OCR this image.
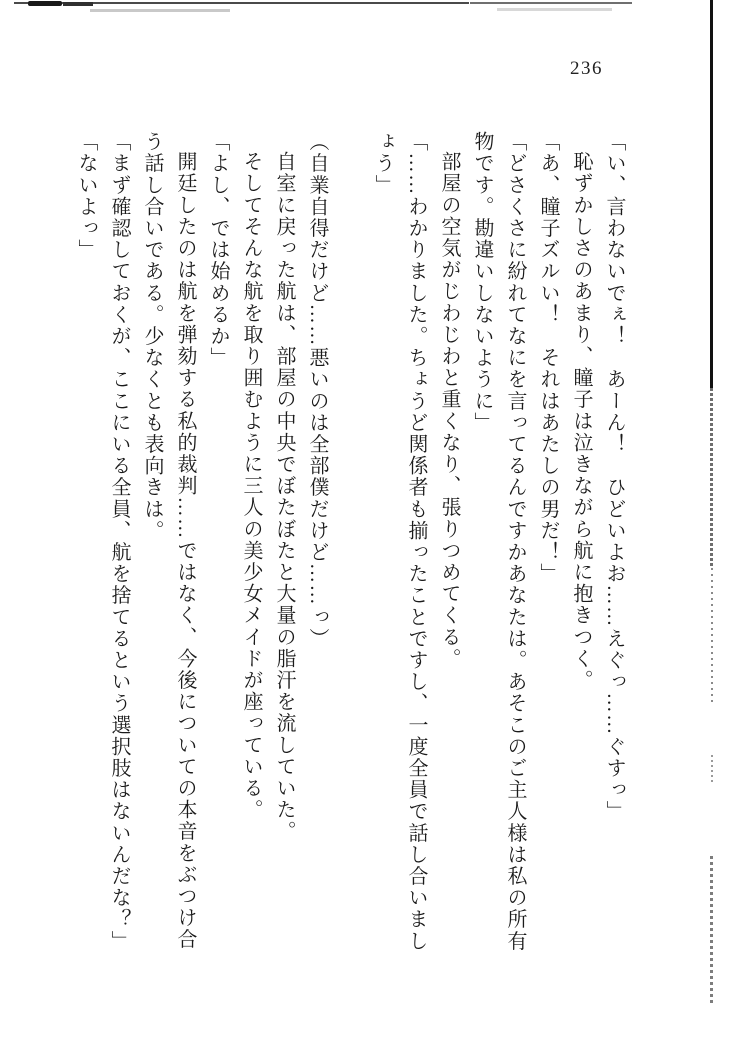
236

「い、言わないでぇ！　あーん！　ひどいよお……えぐっ……ぐすっ」

恥ずかしさのあまり、瞳子は泣きながら航に抱きつく。

「あ、瞳子ズルい！　それはあたしの男だ！」

「どさくさに紛れてなにを言ってるんですかあなたは。あそこのご主人様は私の所有物です。勘違いしないように」

部屋の空気がじわじわと重くなり、張りつめてくる。

「……わかりました。ちょうど関係者も揃ったことですし、一度全員で話し合いましょう」

（自業自得だけど……悪いのは全部僕だけど……っ）

自室に戻った航は、部屋の中央でぼたぼたと大量の脂汗を流していた。

そしてそんな航を取り囲むように三人の美少女メイドが座っている。

「よし、では始めるか」

開廷したのは航を弾劾する私的裁判……ではなく、今後についての本音をぶつけ合う話し合いである。少なくとも表向きは。

「まず確認しておくが、ここにいる全員、航を捨てるという選択肢はないんだな？」

「ないよっ」
